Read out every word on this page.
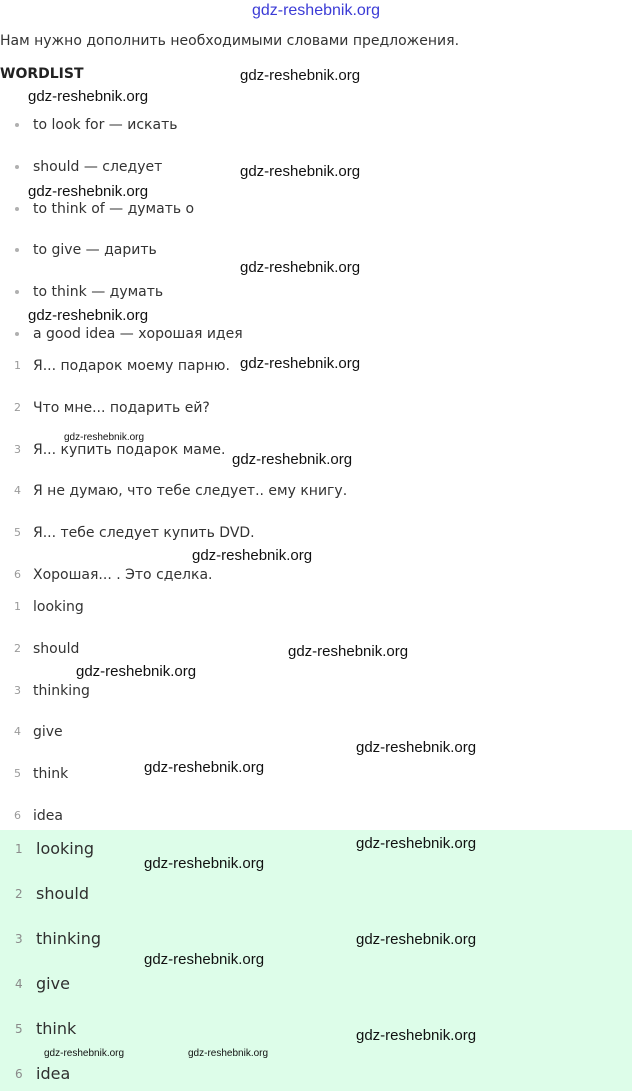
gdz-reshebnik.org
Нам нужно дополнить необходимыми словами предложения.
WORDLIST
to look for — искать
should — следует
to think of — думать о
to give — дарить
to think — думать
a good idea — хорошая идея
1 Я... подарок моему парню.
2 Что мне... подарить ей?
3 Я... купить подарок маме.
4 Я не думаю, что тебе следует.. ему книгу.
5 Я... тебе следует купить DVD.
6 Хорошая... . Это сделка.
1 looking
2 should
3 thinking
4 give
5 think
6 idea
1 looking
2 should
3 thinking
4 give
5 think
6 idea
gdz-reshebnik.org
gdz-reshebnik.org
gdz-reshebnik.org
gdz-reshebnik.org
gdz-reshebnik.org
gdz-reshebnik.org
gdz-reshebnik.org
gdz-reshebnik.org
gdz-reshebnik.org
gdz-reshebnik.org
gdz-reshebnik.org
gdz-reshebnik.org
gdz-reshebnik.org
gdz-reshebnik.org
gdz-reshebnik.org
gdz-reshebnik.org
gdz-reshebnik.org
gdz-reshebnik.org
gdz-reshebnik.org
gdz-reshebnik.org	gdz-reshebnik.org
